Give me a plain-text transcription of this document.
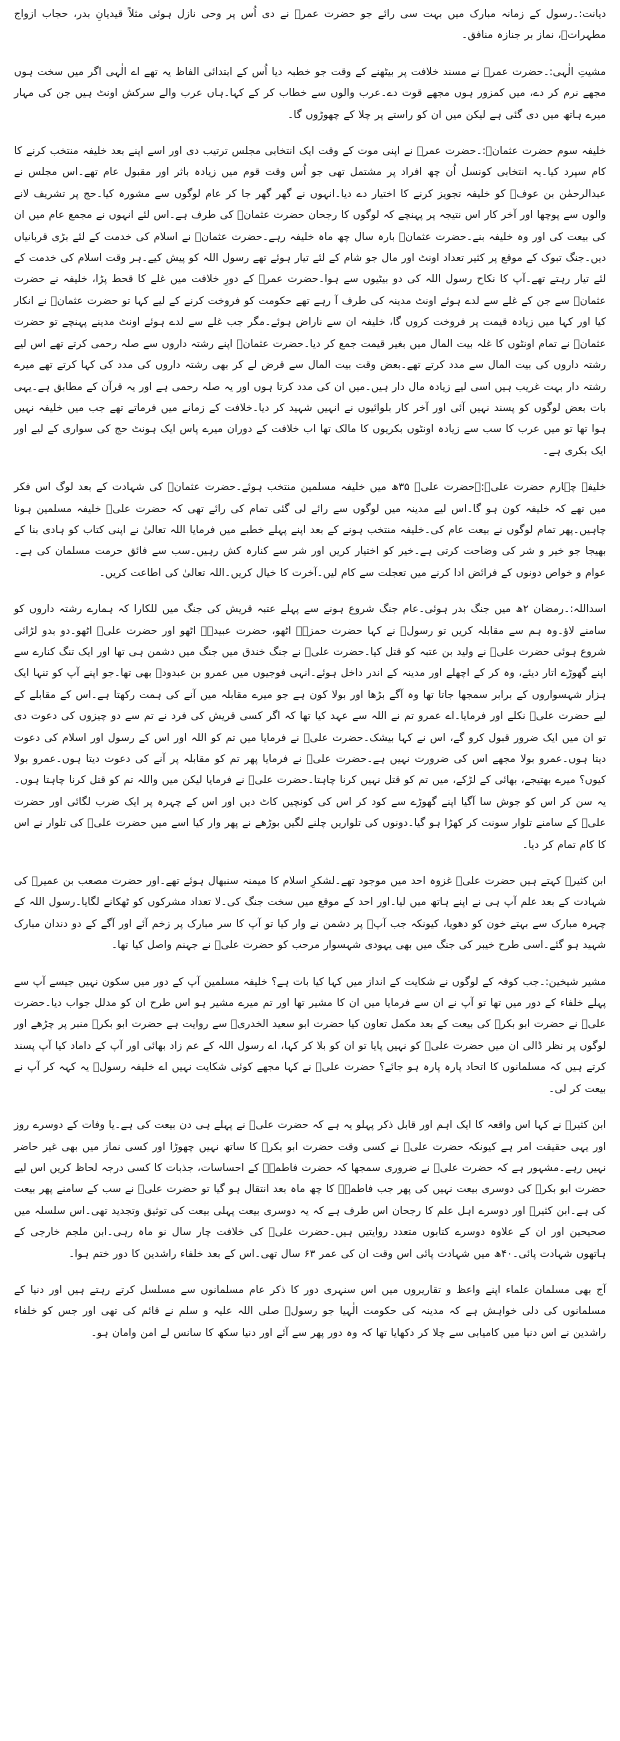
دیانت:۔رسول کے زمانہ مبارک میں بہت سی رائے جو حضرت عمرؓ نے دی اُس پر وحی نازل ہوئی مثلاً قیدیانِ بدر، حجاب ازواج مطہراتؓ، نماز بر جنازہ منافق۔

مشیتِ الٰہی:۔حضرت عمرؓ نے مسند خلافت پر بیٹھنے کے وقت جو خطبہ دیا اُس کے ابتدائی الفاظ یہ تھے اے الٰہی اگر میں سخت ہوں مجھے نرم کر دے، میں کمزور ہوں مجھے قوت دے۔عرب والوں سے خطاب کر کے کہا۔ہاں عرب والے سرکش اونٹ ہیں جن کی مہار میرے ہاتھ میں دی گئی ہے لیکن میں ان کو راستے پر چلا کے چھوڑوں گا۔

خلیفہ سوم حضرت عثمانؓ:۔حضرت عمرؓ نے اپنی موت کے وقت ایک انتخابی مجلس ترتیب دی اور اسے اپنے بعد خلیفہ منتخب کرنے کا کام سپرد کیا۔یہ انتخابی کونسل اُن چھ افراد پر مشتمل تھی جو اُس وقت قوم میں زیادہ باثر اور مقبول عام تھے۔اس مجلس نے عبدالرحمٰن بن عوفؓ کو خلیفہ تجویز کرنے کا اختیار دے دیا۔انہوں نے گھر گھر جا کر عام لوگوں سے مشورہ کیا۔حج پر تشریف لانے والوں سے پوچھا اور آخر کار اس نتیجہ پر پہنچے کہ لوگوں کا رجحان حضرت عثمانؓ کی طرف ہے۔اس لئے انہوں نے مجمع عام میں ان کی بیعت کی اور وہ خلیفہ بنے۔حضرت عثمانؓ بارہ سال چھ ماہ خلیفہ رہے۔حضرت عثمانؓ نے اسلام کی خدمت کے لئے بڑی قربانیاں دیں۔جنگ تبوک کے موقع پر کثیر تعداد اونٹ اور مال جو شام کے لئے تیار ہوئے تھے رسول اللہ کو پیش کیے۔ہر وقت اسلام کی خدمت کے لئے تیار رہتے تھے۔آپ کا نکاح رسول اللہ کی دو بیٹیوں سے ہوا۔حضرت عمرؓ کے دورِ خلافت میں غلے کا قحط پڑا، خلیفہ نے حضرت عثمانؓ سے جن کے غلے سے لدے ہوئے اونٹ مدینہ کی طرف آ رہے تھے حکومت کو فروخت کرنے کے لیے کہا تو حضرت عثمانؓ نے انکار کیا اور کہا میں زیادہ قیمت پر فروخت کروں گا، خلیفہ ان سے ناراض ہوئے۔مگر جب غلے سے لدے ہوئے اونٹ مدینے پہنچے تو حضرت عثمانؓ نے تمام اونٹوں کا غلہ بیت المال میں بغیر قیمت جمع کر دیا۔حضرت عثمانؓ اپنے رشتہ داروں سے صلہ رحمی کرتے تھے اس لیے رشتہ داروں کی بیت المال سے مدد کرتے تھے۔بعض وقت بیت المال سے قرض لے کر بھی رشتہ داروں کی مدد کی کہا کرتے تھے میرے رشتہ دار بہت غریب ہیں اسی لیے زیادہ مال دار ہیں۔میں ان کی مدد کرتا ہوں اور یہ صلہ رحمی ہے اور یہ قرآن کے مطابق ہے۔یہی بات بعض لوگوں کو پسند نہیں آئی اور آخر کار بلوائیوں نے انہیں شہید کر دیا۔خلافت کے زمانے میں فرماتے تھے جب میں خلیفہ نہیں ہوا تھا تو میں عرب کا سب سے زیادہ اونٹوں بکریوں کا مالک تھا اب خلافت کے دوران میرے پاس ایک ہونٹ حج کی سواری کے لیے اور ایک بکری ہے۔

خلیفہ چہارم حضرت علیؓ:۔حضرت علیؓ ۳۵ھ میں خلیفہ مسلمین منتخب ہوئے۔حضرت عثمانؓ کی شہادت کے بعد لوگ اس فکر میں تھے کہ خلیفہ کون ہو گا۔اس لیے مدینہ میں لوگوں سے رائے لی گئی تمام کی رائے تھی کہ حضرت علیؓ خلیفہ مسلمین ہونا چاہیں۔پھر تمام لوگوں نے بیعت عام کی۔خلیفہ منتخب ہونے کے بعد اپنے پہلے خطبے میں فرمایا اللہ تعالیٰ نے اپنی کتاب کو ہادی بنا کے بھیجا جو خیر و شر کی وضاحت کرتی ہے۔خیر کو اختیار کریں اور شر سے کنارہ کش رہیں۔سب سے فائق حرمت مسلمان کی ہے۔عوام و خواص دونوں کے فرائض ادا کرنے میں تعجلت سے کام لیں۔آخرت کا خیال کریں۔اللہ تعالیٰ کی اطاعت کریں۔

اسداللہ:۔رمضان ۲ھ میں جنگ بدر ہوئی۔عام جنگ شروع ہونے سے پہلے عتبہ قریش کی جنگ میں للکارا کہ ہمارے رشتہ داروں کو سامنے لاؤ۔وہ ہم سے مقابلہ کریں تو رسولؐ نے کہا حضرت حمزہؓ اٹھو، حضرت عبیدہؓ اٹھو اور حضرت علیؓ اٹھو۔دو بدو لڑائی شروع ہوئی حضرت علیؓ نے ولید بن عتبہ کو قتل کیا۔حضرت علیؓ نے جنگ خندق میں جنگ میں دشمن ہی تھا اور ایک تنگ کنارے سے اپنے گھوڑے اتار دیئے، وہ کر کے اچھلے اور مدینہ کے اندر داخل ہوئے۔انہی فوجیوں میں عمرو بن عبدودؓ بھی تھا۔جو اپنے آپ کو تنہا ایک ہزار شہسواروں کے برابر سمجھا جاتا تھا وہ آگے بڑھا اور بولا کون ہے جو میرے مقابلہ میں آنے کی ہمت رکھتا ہے۔اس کے مقابلے کے لیے حضرت علیؓ نکلے اور فرمایا۔اے عمرو تم نے اللہ سے عہد کیا تھا کہ اگر کسی قریش کی فرد نے تم سے دو چیزوں کی دعوت دی تو ان میں ایک ضرور قبول کرو گے، اس نے کہا بیشک۔حضرت علیؓ نے فرمایا میں تم کو اللہ اور اس کے رسول اور اسلام کی دعوت دیتا ہوں۔عمرو بولا مجھے اس کی ضرورت نہیں ہے۔حضرت علیؓ نے فرمایا پھر تم کو مقابلہ پر آنے کی دعوت دیتا ہوں۔عمرو بولا کیوں؟ میرے بھتیجے، بھائی کے لڑکے، میں تم کو قتل نہیں کرنا چاہتا۔حضرت علیؓ نے فرمایا لیکن میں واللہ تم کو قتل کرنا چاہتا ہوں۔یہ سن کر اس کو جوش سا آگیا اپنے گھوڑے سے کود کر اس کی کونچیں کاٹ دیں اور اس کے چہرہ پر ایک ضرب لگائی اور حضرت علیؓ کے سامنے تلوار سونت کر کھڑا ہو گیا۔دونوں کی تلواریں چلنے لگیں بوڑھے نے پھر وار کیا اسے میں حضرت علیؓ کی تلوار نے اس کا کام تمام کر دیا۔

ابن کثیرؒ کہتے ہیں حضرت علیؓ غزوہ احد میں موجود تھے۔لشکرِ اسلام کا میمنہ سنبھال ہوئے تھے۔اور حضرت مصعب بن عمیرؓ کی شہادت کے بعد علم آپ ہی نے اپنے ہاتھ میں لیا۔اور احد کے موقع میں سخت جنگ کی۔لا تعداد مشرکوں کو ٹھکانے لگایا۔رسول اللہ کے چہرہ مبارک سے بہتے خون کو دھویا، کیونکہ جب آپؐ پر دشمن نے وار کیا تو آپ کا سر مبارک پر زخم آئے اور آگے کے دو دندان مبارک شہید ہو گئے۔اسی طرح خیبر کی جنگ میں بھی یہودی شہسوار مرحب کو حضرت علیؓ نے جہنم واصل کیا تھا۔

مشیر شیخین:۔جب کوفہ کے لوگوں نے شکایت کے انداز میں کہا کیا بات ہے؟ خلیفہ مسلمین آپ کے دور میں سکون نہیں جیسے آپ سے پہلے خلفاء کے دور میں تھا تو آپ نے ان سے فرمایا میں ان کا مشیر تھا اور تم میرے مشیر ہو اس طرح ان کو مدلل جواب دیا۔حضرت علیؓ نے حضرت ابو بکرؓ کی بیعت کے بعد مکمل تعاون کیا حضرت ابو سعید الخدریؓ سے روایت ہے حضرت ابو بکرؓ منبر پر چڑھے اور لوگوں پر نظر ڈالی ان میں حضرت علیؓ کو نہیں پایا تو ان کو بلا کر کہا، اے رسول اللہ کے عم زاد بھائی اور آپ کے داماد کیا آپ پسند کرتے ہیں کہ مسلمانوں کا اتحاد پارہ پارہ ہو جائے؟ حضرت علیؓ نے کہا مجھے کوئی شکایت نہیں اے خلیفہ رسولؐ یہ کہہ کر آپ نے بیعت کر لی۔

ابن کثیرؒ نے کہا اس واقعہ کا ایک اہم اور قابل ذکر پہلو یہ ہے کہ حضرت علیؓ نے پہلے ہی دن بیعت کی ہے۔یا وفات کے دوسرے روز اور یہی حقیقت امر ہے کیونکہ حضرت علیؓ نے کسی وقت حضرت ابو بکرؓ کا ساتھ نہیں چھوڑا اور کسی نماز میں بھی غیر حاضر نہیں رہے۔مشہور ہے کہ حضرت علیؓ نے ضروری سمجھا کہ حضرت فاطمہؓ کے احساسات، جذبات کا کسی درجہ لحاظ کریں اس لیے حضرت ابو بکرؓ کی دوسری بیعت نہیں کی پھر جب فاطمہؓ کا چھ ماہ بعد انتقال ہو گیا تو حضرت علیؓ نے سب کے سامنے پھر بیعت کی ہے۔ابن کثیرؒ اور دوسرے اہل علم کا رجحان اس طرف ہے کہ یہ دوسری بیعت پہلی بیعت کی توثیق وتجدید تھی۔اس سلسلہ میں صحیحین اور ان کے علاوہ دوسرے کتابوں متعدد روایتیں ہیں۔حضرت علیؓ کی خلافت چار سال نو ماہ رہی۔ابن ملجم خارجی کے ہاتھوں شہادت پائی۔۴۰ھ میں شہادت پائی اس وقت ان کی عمر ۶۳ سال تھی۔اس کے بعد خلفاء راشدین کا دور ختم ہوا۔

آج بھی مسلمان علماء اپنے واعظ و تقاریروں میں اس سنہری دور کا ذکر عام مسلمانوں سے مسلسل کرتے رہتے ہیں اور دنیا کے مسلمانوں کی دلی خواہش ہے کہ مدینہ کی حکومت الٰہیا جو رسولؐ صلی اللہ علیہ و سلم نے قائم کی تھی اور جس کو خلفاء راشدین نے اس دنیا میں کامیابی سے چلا کر دکھایا تھا کہ وہ دور پھر سے آئے اور دنیا سکھ کا سانس لے امن وامان ہو۔
